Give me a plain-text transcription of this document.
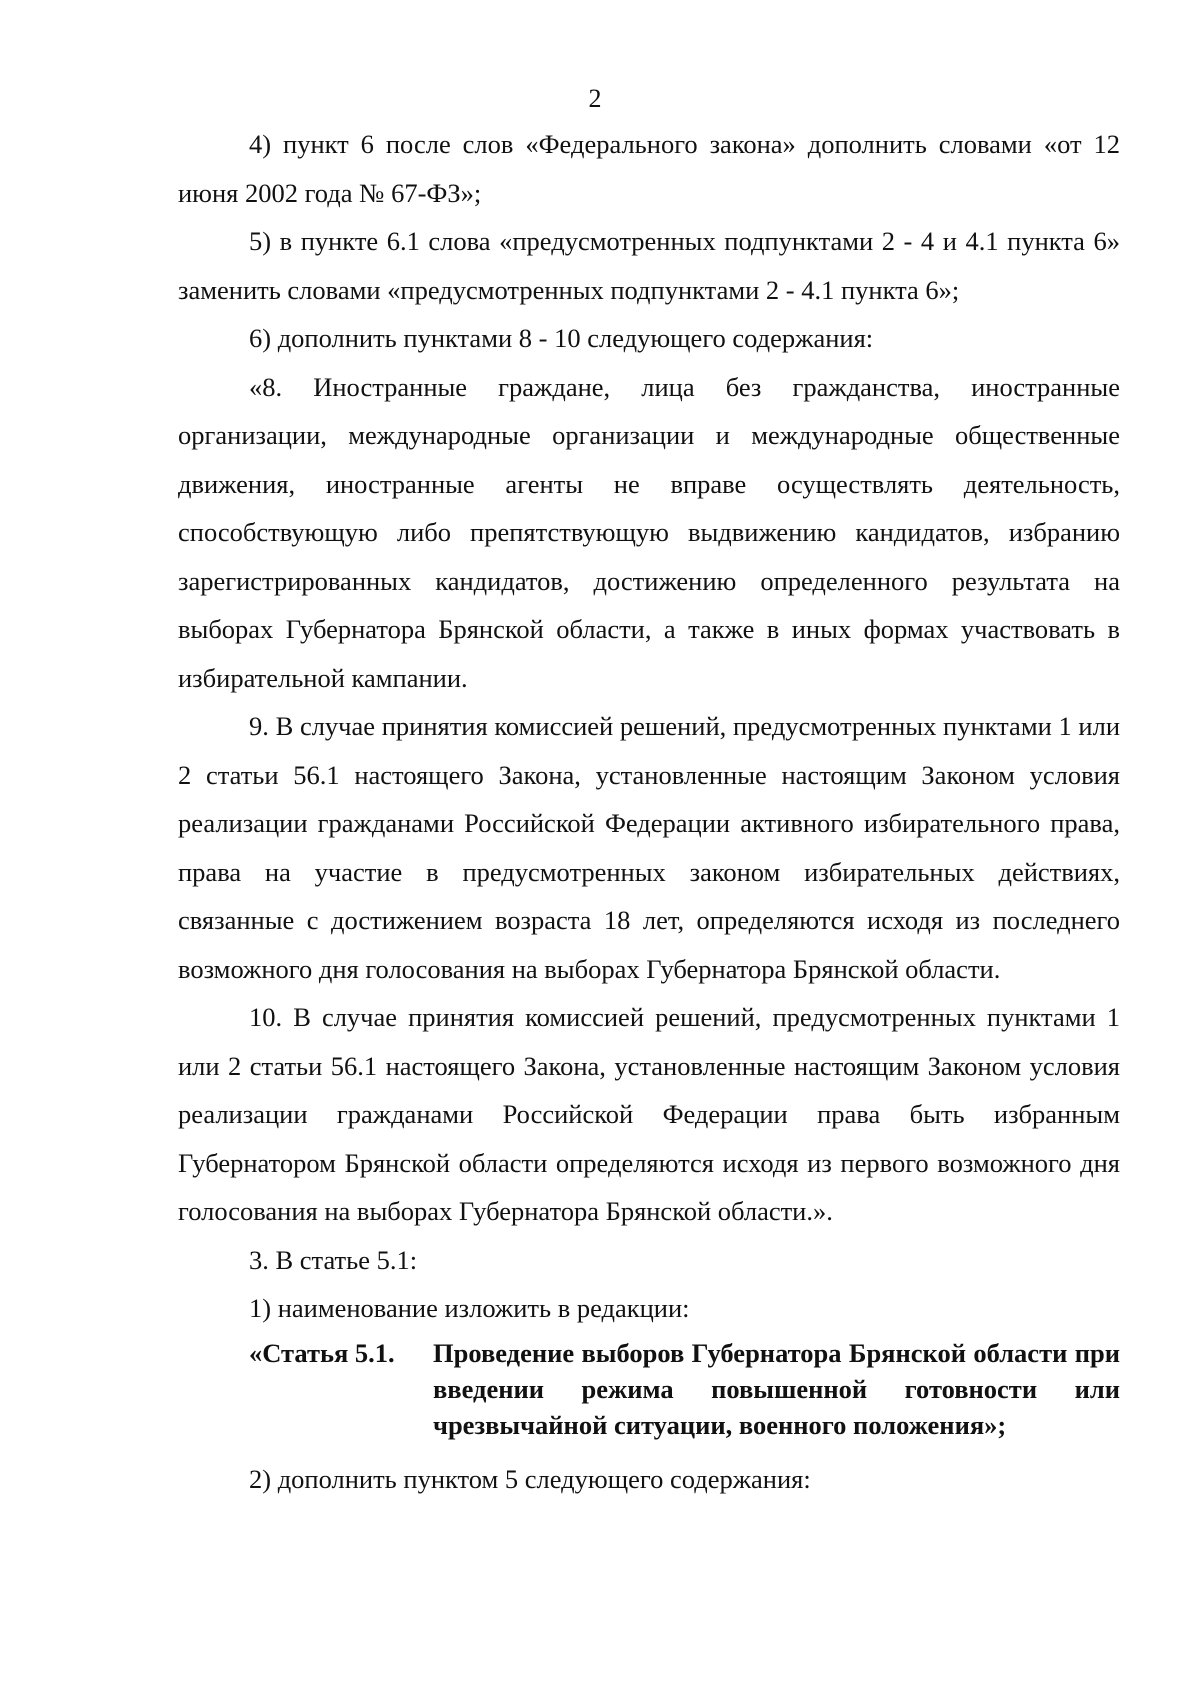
2

4) пункт 6 после слов «Федерального закона» дополнить словами «от 12 июня 2002 года № 67-ФЗ»;

5) в пункте 6.1 слова «предусмотренных подпунктами 2 - 4 и 4.1 пункта 6» заменить словами «предусмотренных подпунктами 2 - 4.1 пункта 6»;

6) дополнить пунктами 8 - 10 следующего содержания:

«8. Иностранные граждане, лица без гражданства, иностранные организации, международные организации и международные общественные движения, иностранные агенты не вправе осуществлять деятельность, способствующую либо препятствующую выдвижению кандидатов, избранию зарегистрированных кандидатов, достижению определенного результата на выборах Губернатора Брянской области, а также в иных формах участвовать в избирательной кампании.

9. В случае принятия комиссией решений, предусмотренных пунктами 1 или 2 статьи 56.1 настоящего Закона, установленные настоящим Законом условия реализации гражданами Российской Федерации активного избирательного права, права на участие в предусмотренных законом избирательных действиях, связанные с достижением возраста 18 лет, определяются исходя из последнего возможного дня голосования на выборах Губернатора Брянской области.

10. В случае принятия комиссией решений, предусмотренных пунктами 1 или 2 статьи 56.1 настоящего Закона, установленные настоящим Законом условия реализации гражданами Российской Федерации права быть избранным Губернатором Брянской области определяются исходя из первого возможного дня голосования на выборах Губернатора Брянской области.».

3. В статье 5.1:

1) наименование изложить в редакции:

«Статья 5.1.	Проведение выборов Губернатора Брянской области при введении режима повышенной готовности или чрезвычайной ситуации, военного положения»;

2) дополнить пунктом 5 следующего содержания:
